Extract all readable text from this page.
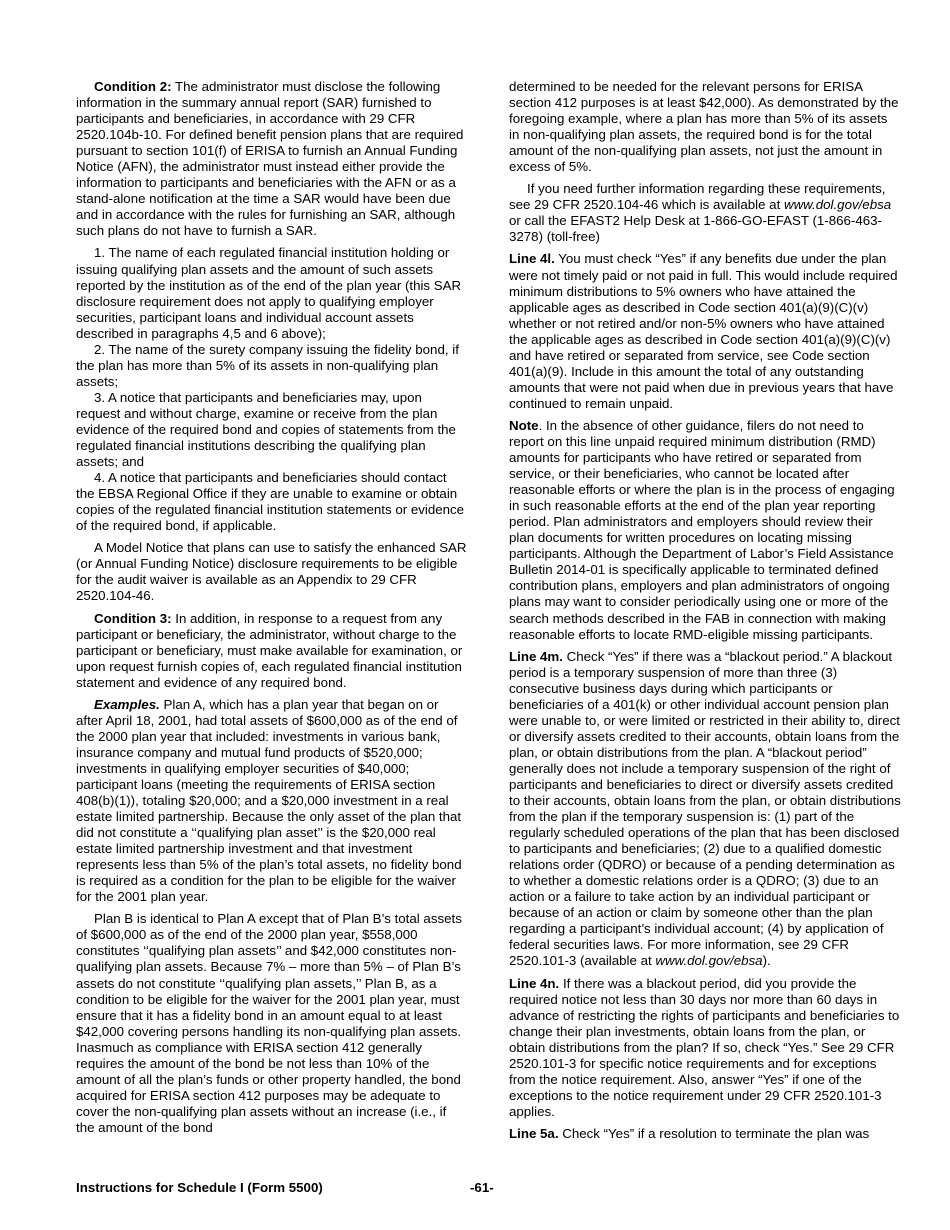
Condition 2: The administrator must disclose the following information in the summary annual report (SAR) furnished to participants and beneficiaries, in accordance with 29 CFR 2520.104b-10. For defined benefit pension plans that are required pursuant to section 101(f) of ERISA to furnish an Annual Funding Notice (AFN), the administrator must instead either provide the information to participants and beneficiaries with the AFN or as a stand-alone notification at the time a SAR would have been due and in accordance with the rules for furnishing an SAR, although such plans do not have to furnish a SAR.

1. The name of each regulated financial institution holding or issuing qualifying plan assets and the amount of such assets reported by the institution as of the end of the plan year (this SAR disclosure requirement does not apply to qualifying employer securities, participant loans and individual account assets described in paragraphs 4,5 and 6 above);

2. The name of the surety company issuing the fidelity bond, if the plan has more than 5% of its assets in non-qualifying plan assets;

3. A notice that participants and beneficiaries may, upon request and without charge, examine or receive from the plan evidence of the required bond and copies of statements from the regulated financial institutions describing the qualifying plan assets; and

4. A notice that participants and beneficiaries should contact the EBSA Regional Office if they are unable to examine or obtain copies of the regulated financial institution statements or evidence of the required bond, if applicable.

A Model Notice that plans can use to satisfy the enhanced SAR (or Annual Funding Notice) disclosure requirements to be eligible for the audit waiver is available as an Appendix to 29 CFR 2520.104-46.

Condition 3: In addition, in response to a request from any participant or beneficiary, the administrator, without charge to the participant or beneficiary, must make available for examination, or upon request furnish copies of, each regulated financial institution statement and evidence of any required bond.

Examples. Plan A, which has a plan year that began on or after April 18, 2001, had total assets of $600,000 as of the end of the 2000 plan year that included: investments in various bank, insurance company and mutual fund products of $520,000; investments in qualifying employer securities of $40,000; participant loans (meeting the requirements of ERISA section 408(b)(1)), totaling $20,000; and a $20,000 investment in a real estate limited partnership. Because the only asset of the plan that did not constitute a ‘‘qualifying plan asset’’ is the $20,000 real estate limited partnership investment and that investment represents less than 5% of the plan’s total assets, no fidelity bond is required as a condition for the plan to be eligible for the waiver for the 2001 plan year.

Plan B is identical to Plan A except that of Plan B’s total assets of $600,000 as of the end of the 2000 plan year, $558,000 constitutes ‘‘qualifying plan assets’’ and $42,000 constitutes non-qualifying plan assets. Because 7% – more than 5% – of Plan B’s assets do not constitute ‘‘qualifying plan assets,’’ Plan B, as a condition to be eligible for the waiver for the 2001 plan year, must ensure that it has a fidelity bond in an amount equal to at least $42,000 covering persons handling its non-qualifying plan assets. Inasmuch as compliance with ERISA section 412 generally requires the amount of the bond be not less than 10% of the amount of all the plan’s funds or other property handled, the bond acquired for ERISA section 412 purposes may be adequate to cover the non-qualifying plan assets without an increase (i.e., if the amount of the bond

determined to be needed for the relevant persons for ERISA section 412 purposes is at least $42,000). As demonstrated by the foregoing example, where a plan has more than 5% of its assets in non-qualifying plan assets, the required bond is for the total amount of the non-qualifying plan assets, not just the amount in excess of 5%.

If you need further information regarding these requirements, see 29 CFR 2520.104-46 which is available at www.dol.gov/ebsa or call the EFAST2 Help Desk at 1-866-GO-EFAST (1-866-463-3278) (toll-free)

Line 4l. You must check “Yes” if any benefits due under the plan were not timely paid or not paid in full. This would include required minimum distributions to 5% owners who have attained the applicable ages as described in Code section 401(a)(9)(C)(v) whether or not retired and/or non-5% owners who have attained the applicable ages as described in Code section 401(a)(9)(C)(v) and have retired or separated from service, see Code section 401(a)(9). Include in this amount the total of any outstanding amounts that were not paid when due in previous years that have continued to remain unpaid.

Note. In the absence of other guidance, filers do not need to report on this line unpaid required minimum distribution (RMD) amounts for participants who have retired or separated from service, or their beneficiaries, who cannot be located after reasonable efforts or where the plan is in the process of engaging in such reasonable efforts at the end of the plan year reporting period. Plan administrators and employers should review their plan documents for written procedures on locating missing participants. Although the Department of Labor’s Field Assistance Bulletin 2014-01 is specifically applicable to terminated defined contribution plans, employers and plan administrators of ongoing plans may want to consider periodically using one or more of the search methods described in the FAB in connection with making reasonable efforts to locate RMD-eligible missing participants.

Line 4m. Check “Yes” if there was a “blackout period.” A blackout period is a temporary suspension of more than three (3) consecutive business days during which participants or beneficiaries of a 401(k) or other individual account pension plan were unable to, or were limited or restricted in their ability to, direct or diversify assets credited to their accounts, obtain loans from the plan, or obtain distributions from the plan. A “blackout period” generally does not include a temporary suspension of the right of participants and beneficiaries to direct or diversify assets credited to their accounts, obtain loans from the plan, or obtain distributions from the plan if the temporary suspension is: (1) part of the regularly scheduled operations of the plan that has been disclosed to participants and beneficiaries; (2) due to a qualified domestic relations order (QDRO) or because of a pending determination as to whether a domestic relations order is a QDRO; (3) due to an action or a failure to take action by an individual participant or because of an action or claim by someone other than the plan regarding a participant’s individual account; (4) by application of federal securities laws. For more information, see 29 CFR 2520.101-3 (available at www.dol.gov/ebsa).

Line 4n. If there was a blackout period, did you provide the required notice not less than 30 days nor more than 60 days in advance of restricting the rights of participants and beneficiaries to change their plan investments, obtain loans from the plan, or obtain distributions from the plan? If so, check “Yes.” See 29 CFR 2520.101-3 for specific notice requirements and for exceptions from the notice requirement. Also, answer “Yes” if one of the exceptions to the notice requirement under 29 CFR 2520.101-3 applies.

Line 5a. Check “Yes” if a resolution to terminate the plan was

Instructions for Schedule I (Form 5500)	-61-
